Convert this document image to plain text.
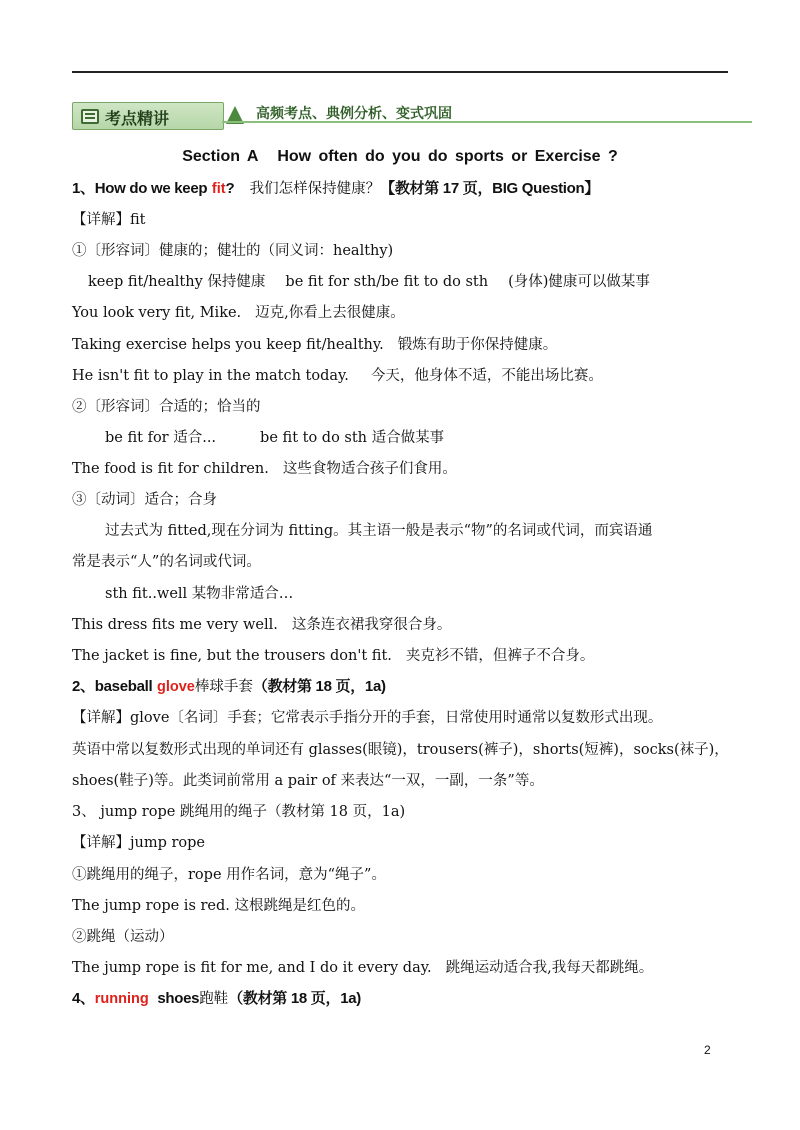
考点精讲	高频考点、典例分析、变式巩固
Section A How often do you do sports or Exercise ?
1、How do we keep fit? 我们怎样保持健康？【教材第 17 页，BIG Question】
【详解】fit
①〔形容词〕健康的；健壮的（同义词：healthy)
keep fit/healthy 保持健康 be fit for sth/be fit to do sth (身体)健康可以做某事
You look very fit, Mike. 迈克,你看上去很健康。
Taking exercise helps you keep fit/healthy. 锻炼有助于你保持健康。
He isn't fit to play in the match today. 今天，他身体不适，不能出场比赛。
②〔形容词〕合适的；恰当的
be fit for 适合...	be fit to do sth 适合做某事
The food is fit for children. 这些食物适合孩子们食用。
③〔动词〕适合；合身
过去式为 fitted,现在分词为 fitting。其主语一般是表示“物”的名词或代词，而宾语通
常是表示“人”的名词或代词。
sth fit..well 某物非常适合…
This dress fits me very well. 这条连衣裙我穿很合身。
The jacket is fine, but the trousers don't fit. 夹克衫不错，但裤子不合身。
2、baseball glove棒球手套（教材第 18 页，1a)
【详解】glove〔名词〕手套；它常表示手指分开的手套，日常使用时通常以复数形式出现。
英语中常以复数形式出现的单词还有 glasses(眼镜)，trousers(裤子)，shorts(短裤)，socks(袜子)，
shoes(鞋子)等。此类词前常用 a pair of 来表达“一双，一副，一条”等。
3、 jump rope 跳绳用的绳子（教材第 18 页，1a)
【详解】jump rope
①跳绳用的绳子，rope 用作名词，意为“绳子”。
The jump rope is red. 这根跳绳是红色的。
②跳绳（运动）
The jump rope is fit for me, and I do it every day. 跳绳运动适合我,我每天都跳绳。
4、running shoes跑鞋（教材第 18 页，1a)
2
